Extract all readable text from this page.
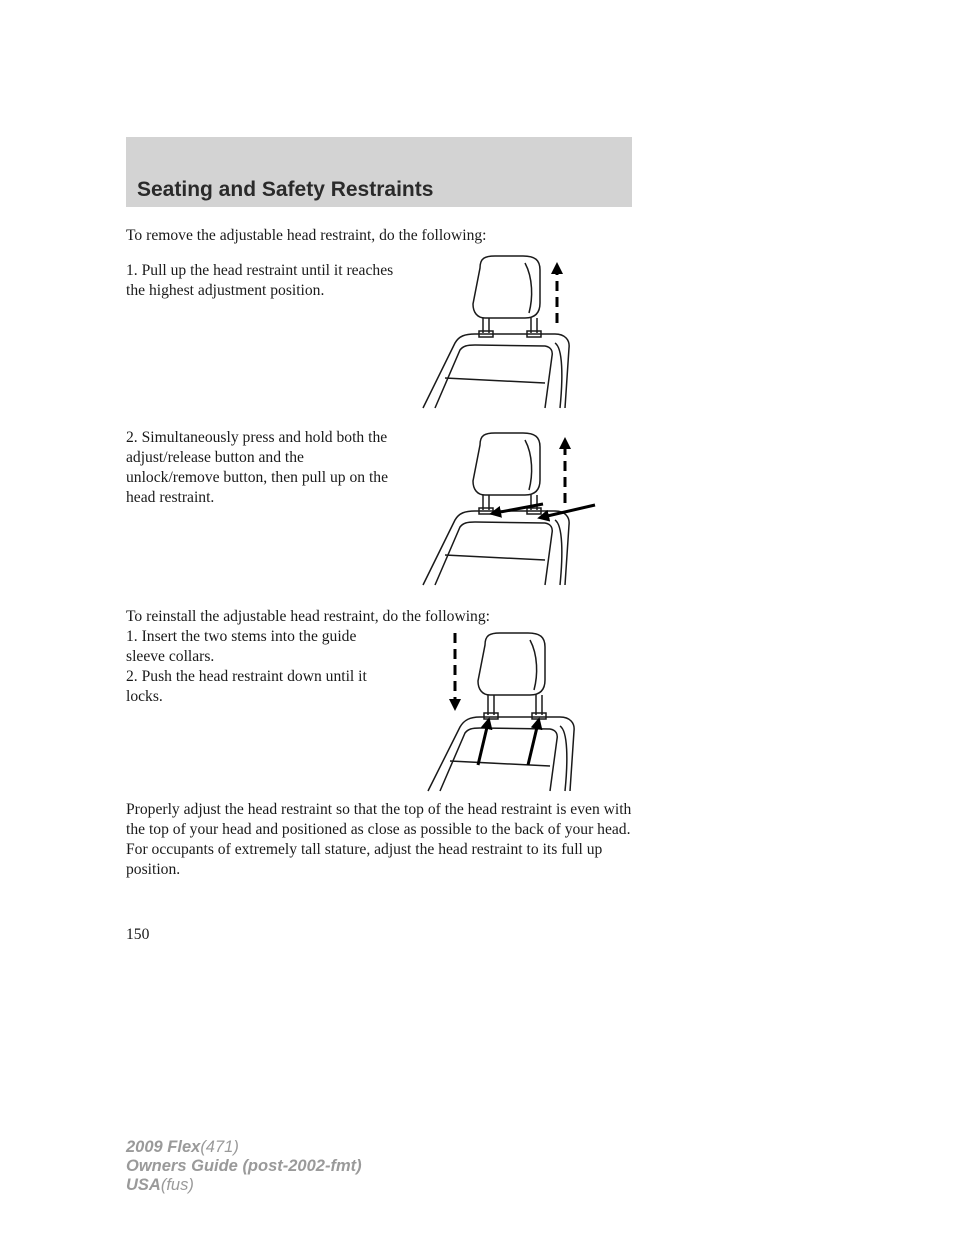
Seating and Safety Restraints

To remove the adjustable head restraint, do the following:

1. Pull up the head restraint until it reaches the highest adjustment position.

2. Simultaneously press and hold both the adjust/release button and the unlock/remove button, then pull up on the head restraint.

To reinstall the adjustable head restraint, do the following:

1. Insert the two stems into the guide sleeve collars.

2. Push the head restraint down until it locks.

Properly adjust the head restraint so that the top of the head restraint is even with the top of your head and positioned as close as possible to the back of your head. For occupants of extremely tall stature, adjust the head restraint to its full up position.

150

2009 Flex(471)
Owners Guide (post-2002-fmt)
USA(fus)
